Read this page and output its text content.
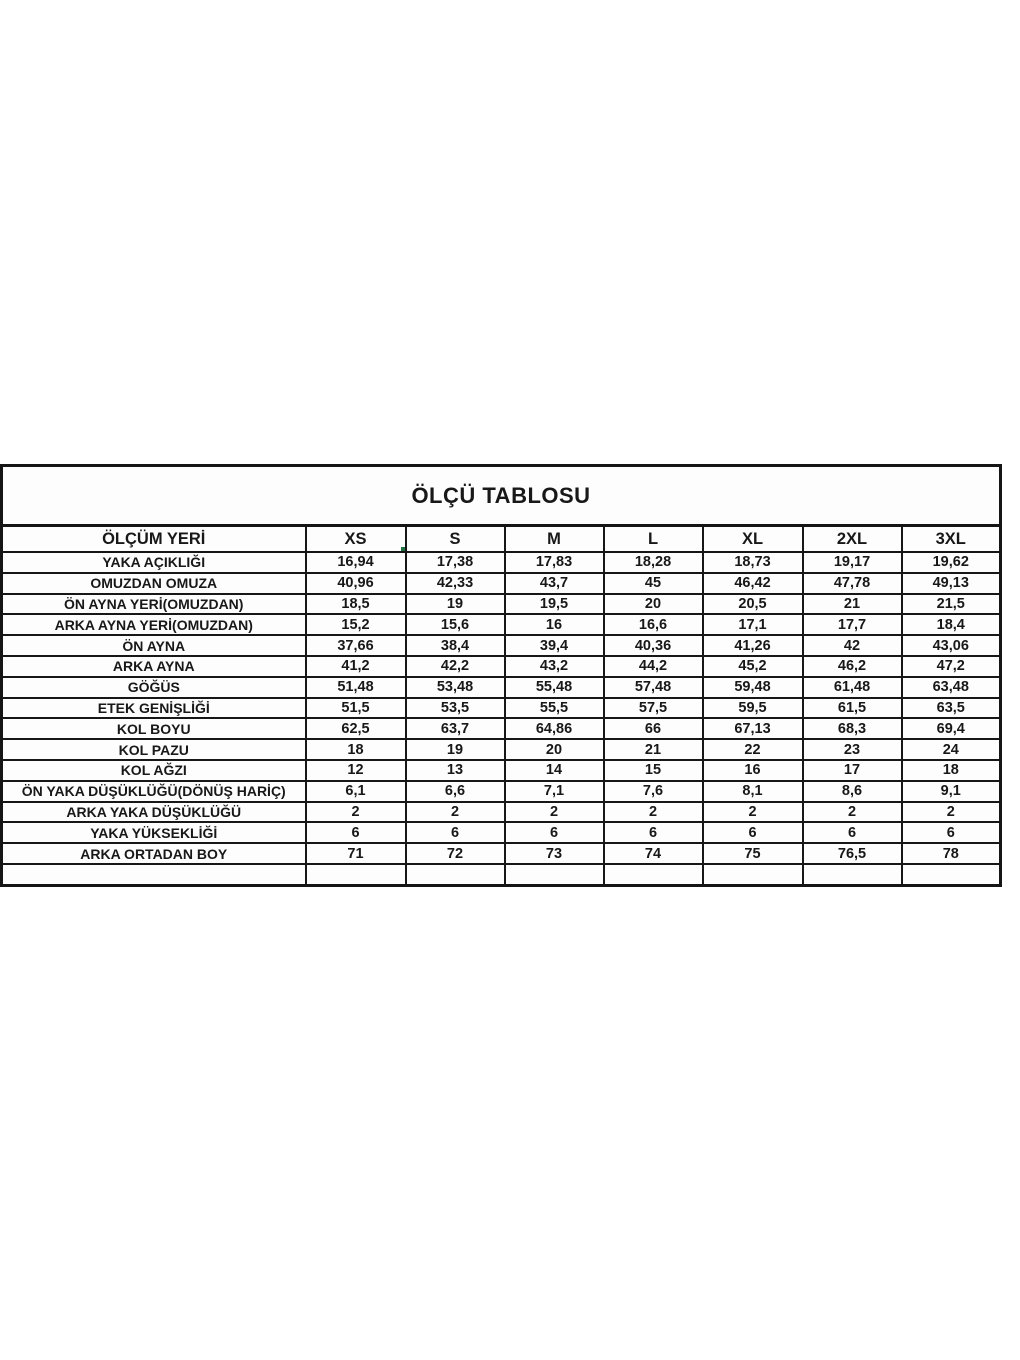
ÖLÇÜ TABLOSU							
ÖLÇÜM YERİ	XS	S	M	L	XL	2XL	3XL
YAKA AÇIKLIĞI	16,94	17,38	17,83	18,28	18,73	19,17	19,62
OMUZDAN OMUZA	40,96	42,33	43,7	45	46,42	47,78	49,13
ÖN AYNA YERİ(OMUZDAN)	18,5	19	19,5	20	20,5	21	21,5
ARKA AYNA YERİ(OMUZDAN)	15,2	15,6	16	16,6	17,1	17,7	18,4
ÖN AYNA	37,66	38,4	39,4	40,36	41,26	42	43,06
ARKA AYNA	41,2	42,2	43,2	44,2	45,2	46,2	47,2
GÖĞÜS	51,48	53,48	55,48	57,48	59,48	61,48	63,48
ETEK GENİŞLİĞİ	51,5	53,5	55,5	57,5	59,5	61,5	63,5
KOL BOYU	62,5	63,7	64,86	66	67,13	68,3	69,4
KOL PAZU	18	19	20	21	22	23	24
KOL AĞZI	12	13	14	15	16	17	18
ÖN YAKA DÜŞÜKLÜĞÜ(DÖNÜŞ HARİÇ)	6,1	6,6	7,1	7,6	8,1	8,6	9,1
ARKA YAKA DÜŞÜKLÜĞÜ	2	2	2	2	2	2	2
YAKA YÜKSEKLİĞİ	6	6	6	6	6	6	6
ARKA ORTADAN BOY	71	72	73	74	75	76,5	78
